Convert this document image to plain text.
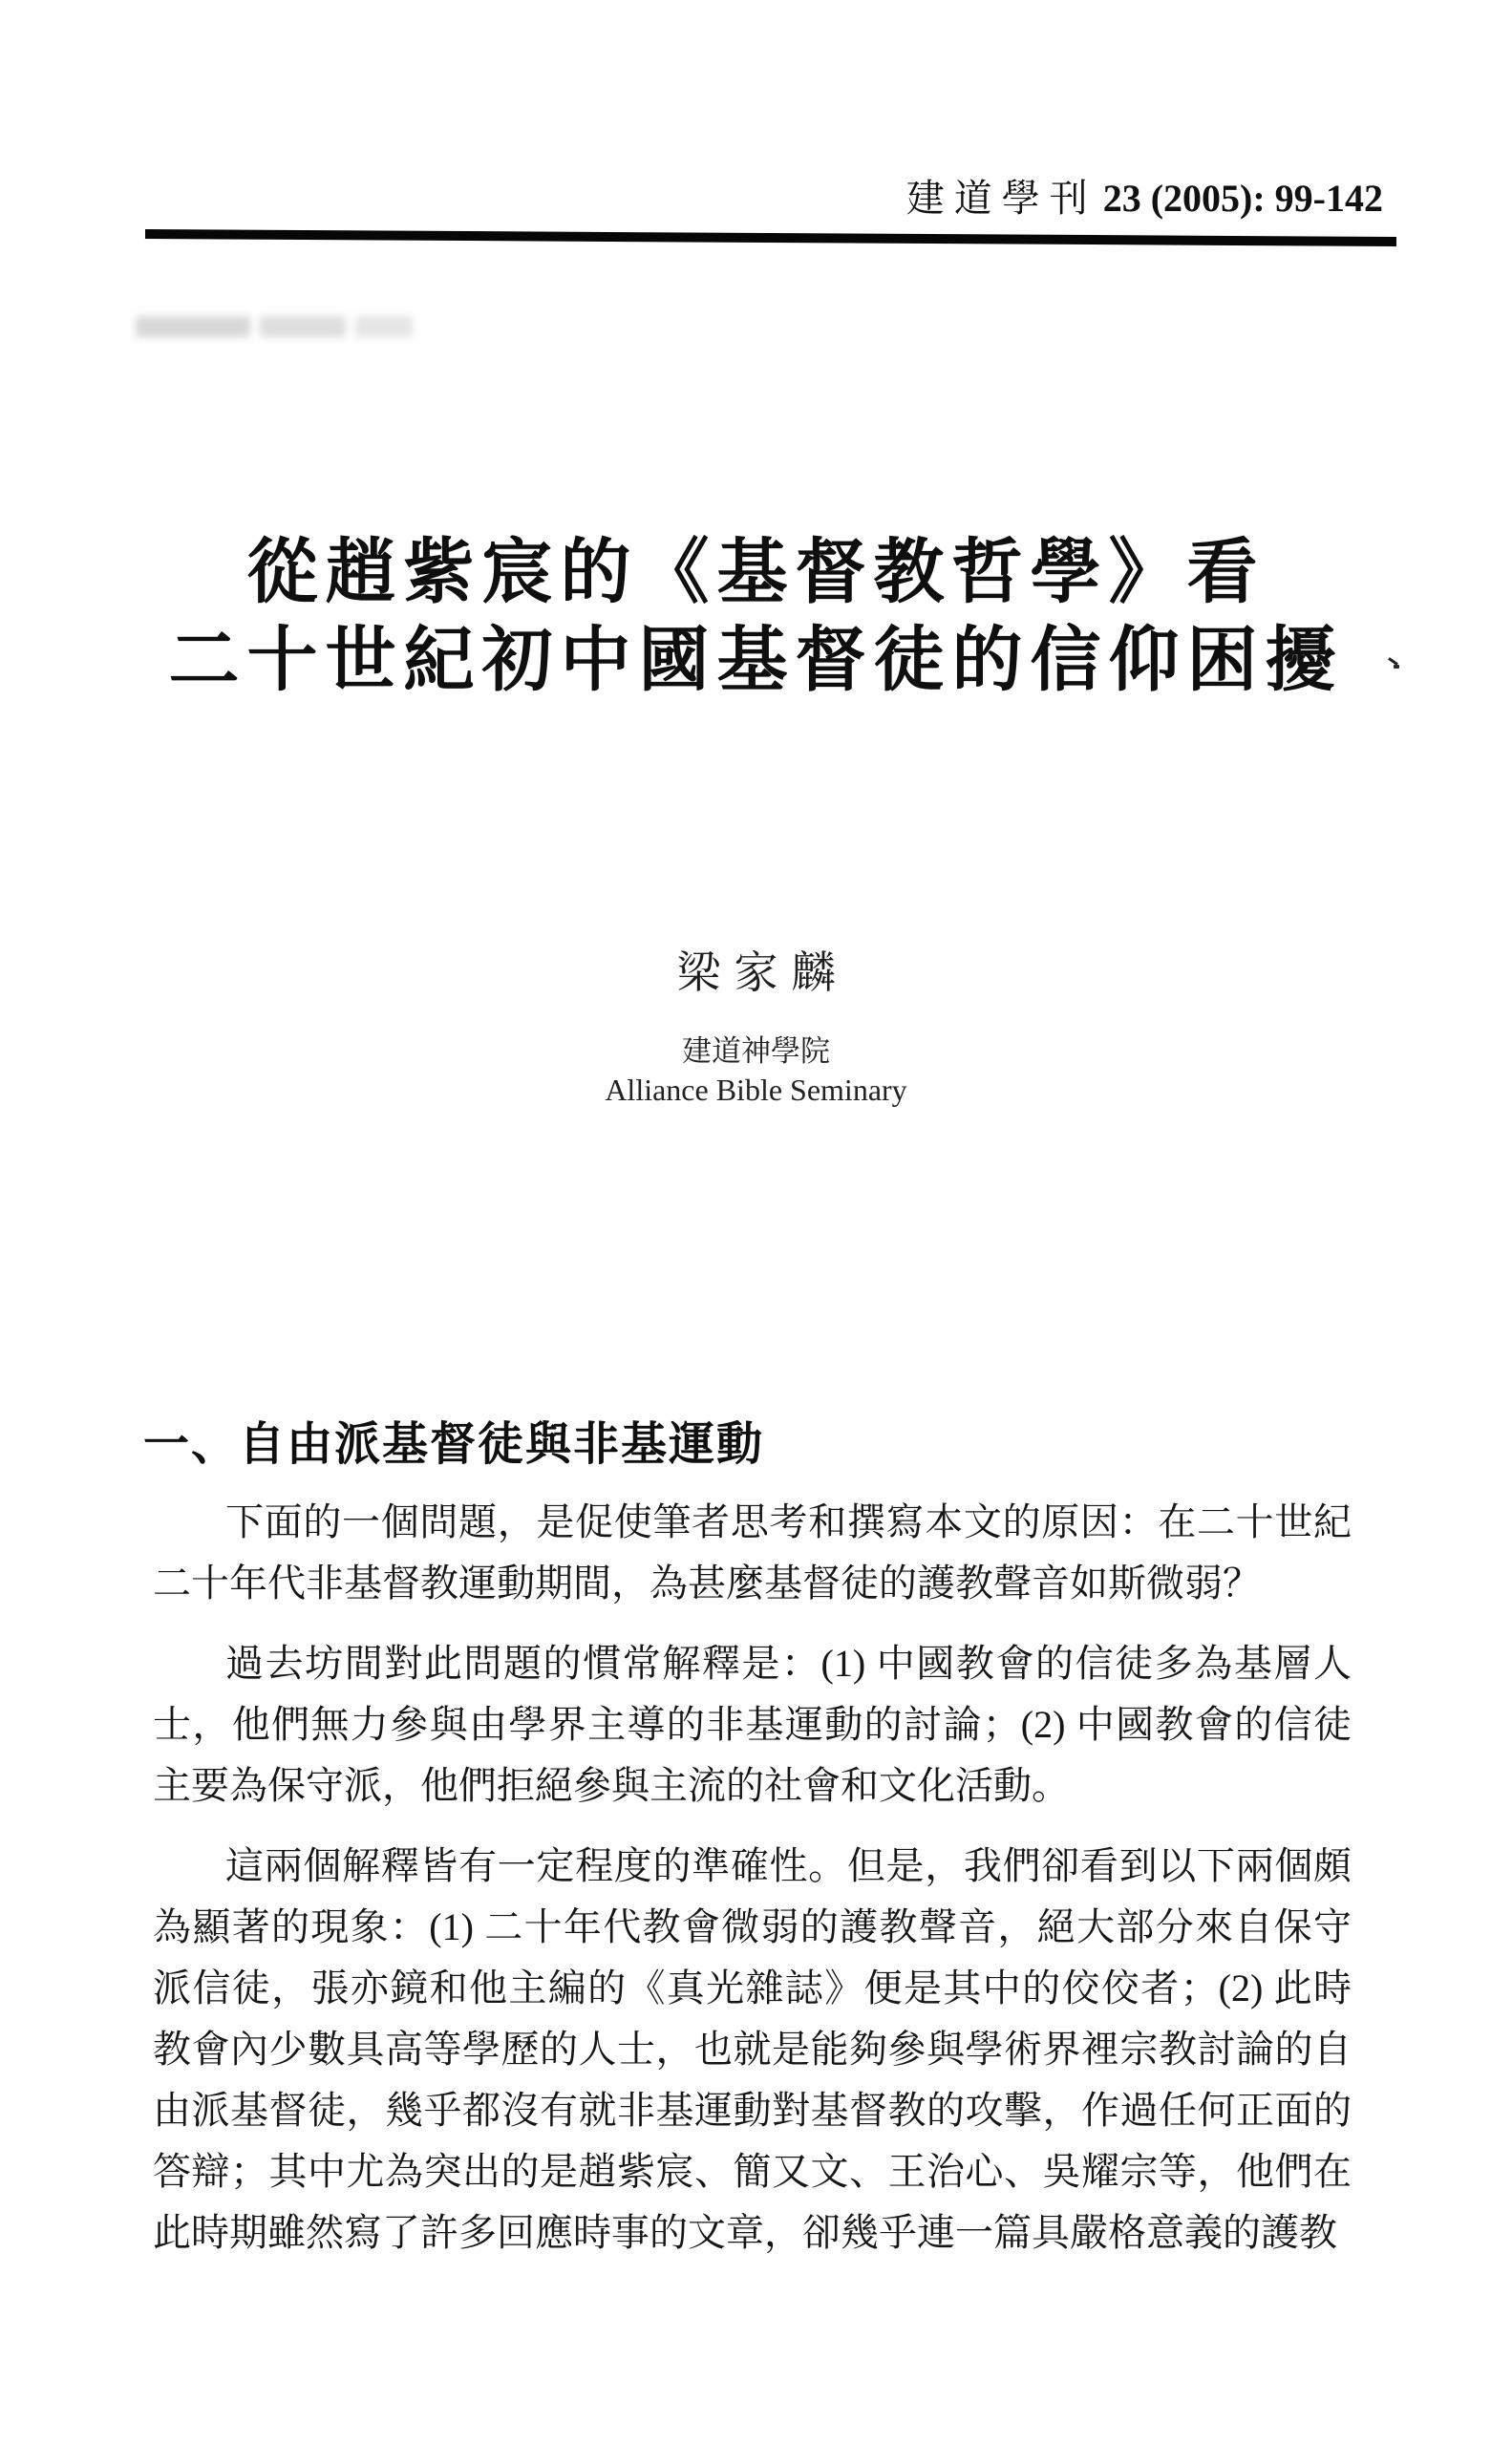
建道學刊 23 (2005): 99-142
從趙紫宸的《基督教哲學》看
二十世紀初中國基督徒的信仰困擾
梁家麟
建道神學院
Alliance Bible Seminary
一、自由派基督徒與非基運動

下面的一個問題，是促使筆者思考和撰寫本文的原因：在二十世紀二十年代非基督教運動期間，為甚麼基督徒的護教聲音如斯微弱？

過去坊間對此問題的慣常解釋是：(1) 中國教會的信徒多為基層人士，他們無力參與由學界主導的非基運動的討論；(2) 中國教會的信徒主要為保守派，他們拒絕參與主流的社會和文化活動。

這兩個解釋皆有一定程度的準確性。但是，我們卻看到以下兩個頗為顯著的現象：(1) 二十年代教會微弱的護教聲音，絕大部分來自保守派信徒，張亦鏡和他主編的《真光雜誌》便是其中的佼佼者；(2) 此時教會內少數具高等學歷的人士，也就是能夠參與學術界裡宗教討論的自由派基督徒，幾乎都沒有就非基運動對基督教的攻擊，作過任何正面的答辯；其中尤為突出的是趙紫宸、簡又文、王治心、吳耀宗等，他們在此時期雖然寫了許多回應時事的文章，卻幾乎連一篇具嚴格意義的護教
